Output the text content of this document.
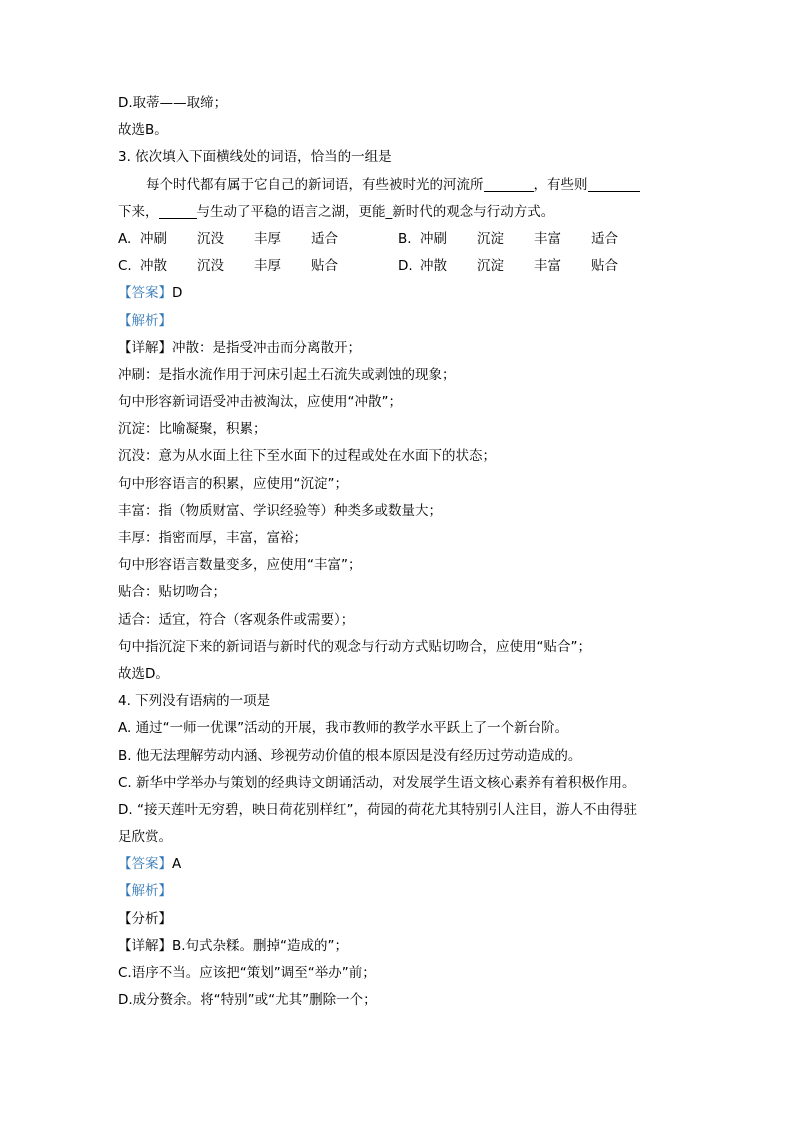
D.取蒂——取缔；
故选B。
3. 依次填入下面横线处的词语，恰当的一组是
每个时代都有属于它自己的新词语，有些被时光的河流所	，有些则
下来，	与生动了平稳的语言之湖，更能_新时代的观念与行动方式。
A. 冲刷	沉没	丰厚	适合	B. 冲刷	沉淀	丰富	适合
C. 冲散	沉没	丰厚	贴合	D. 冲散	沉淀	丰富	贴合
【答案】D
【解析】
【详解】冲散：是指受冲击而分离散开；
冲刷：是指水流作用于河床引起土石流失或剥蚀的现象；
句中形容新词语受冲击被淘汰，应使用“冲散”；
沉淀：比喻凝聚，积累；
沉没：意为从水面上往下至水面下的过程或处在水面下的状态；
句中形容语言的积累，应使用“沉淀”；
丰富：指（物质财富、学识经验等）种类多或数量大；
丰厚：指密而厚，丰富，富裕；
句中形容语言数量变多，应使用“丰富”；
贴合：贴切吻合；
适合：适宜，符合（客观条件或需要）；
句中指沉淀下来的新词语与新时代的观念与行动方式贴切吻合，应使用“贴合”；
故选D。
4. 下列没有语病的一项是
A. 通过“一师一优课”活动的开展，我市教师的教学水平跃上了一个新台阶。
B. 他无法理解劳动内涵、珍视劳动价值的根本原因是没有经历过劳动造成的。
C. 新华中学举办与策划的经典诗文朗诵活动，对发展学生语文核心素养有着积极作用。
D. “接天莲叶无穷碧，映日荷花别样红”，荷园的荷花尤其特别引人注目，游人不由得驻
足欣赏。
【答案】A
【解析】
【分析】
【详解】B.句式杂糅。删掉“造成的”；
C.语序不当。应该把“策划”调至“举办”前；
D.成分赘余。将“特别”或“尤其”删除一个；
